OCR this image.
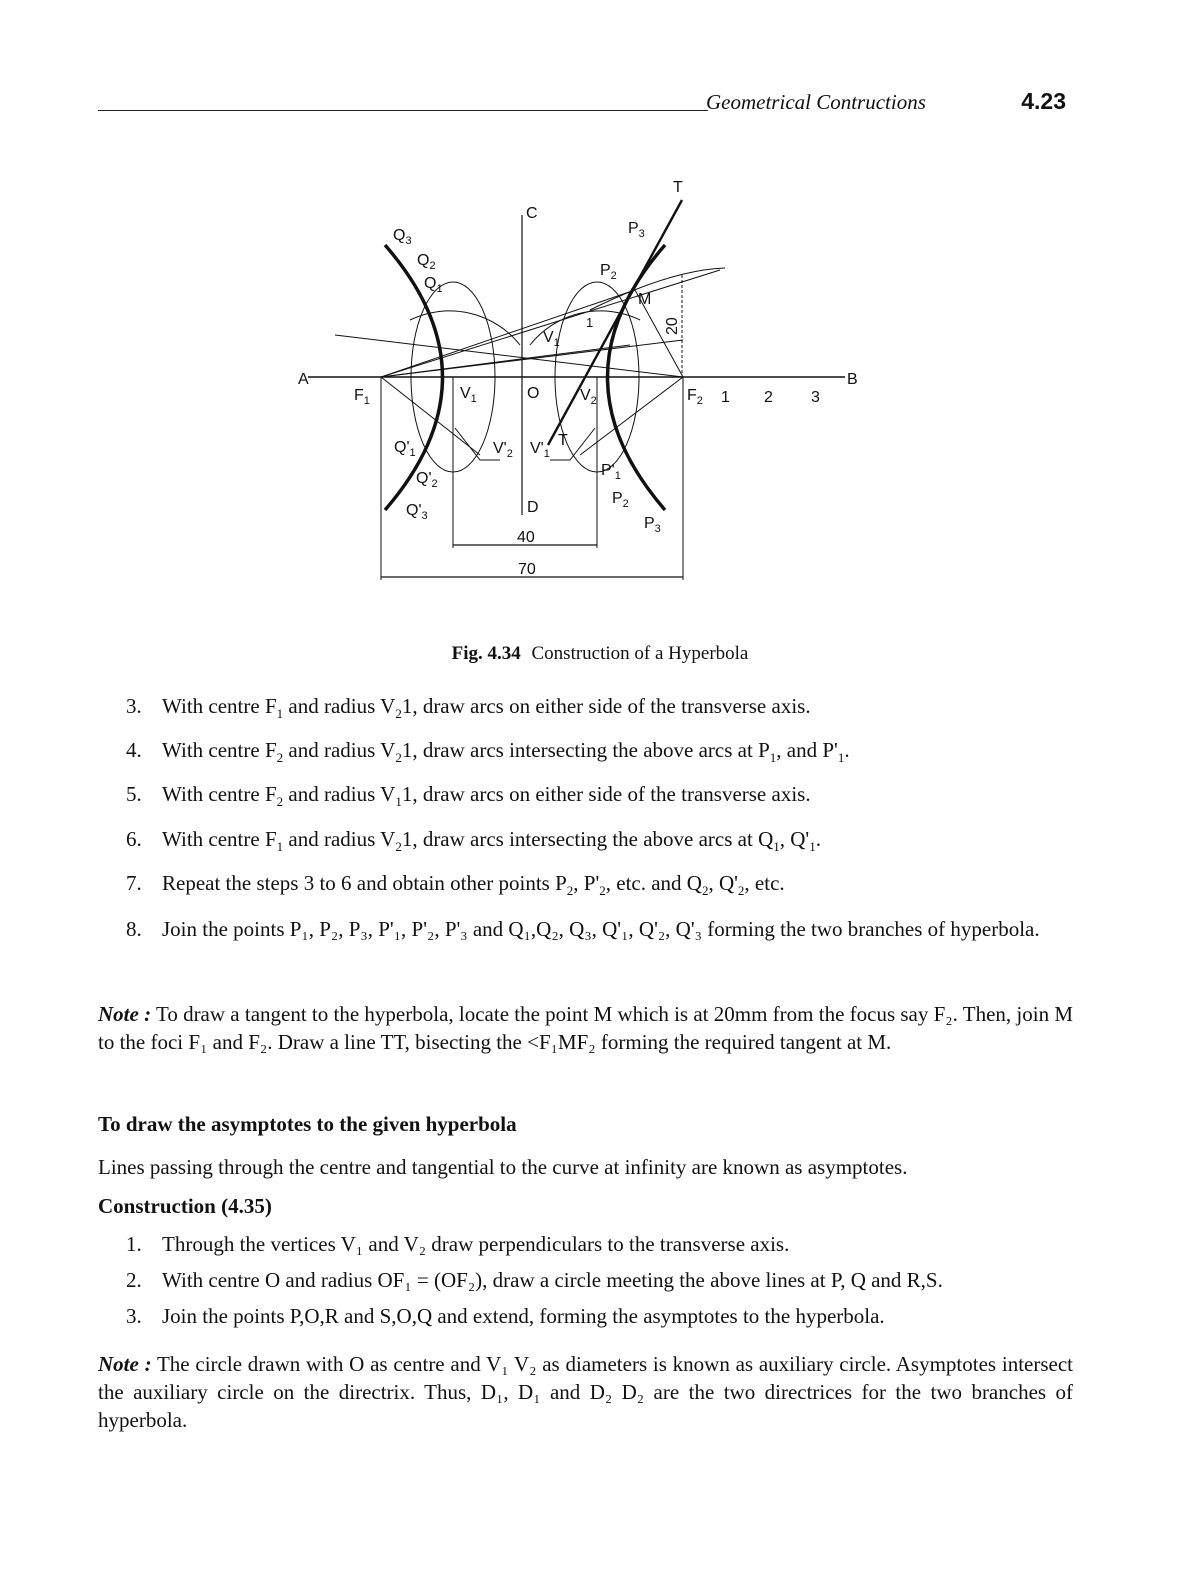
Geometrical Contructions	4.23
T
C
$P_3$
$P_2$
M
$Q_3$
$Q_2$
$Q_1$
20
$V_1$
1
A	B
$F_1$	$V_1$	O	$V_2$	$F_2$ 1 2 3
$Q'_1$
$Q'_2$
$Q'_3$
$V'_2$ $V'_1$
T
$P'_1$
$P_2$
$P_3$
D
40
70
Fig. 4.34 Construction of a Hyperbola
3. With centre $F_1$ and radius $V_21$, draw arcs on either side of the transverse axis.
4. With centre $F_2$ and radius $V_21$, draw arcs intersecting the above arcs at $P_1$, and $P'_1$.
5. With centre $F_2$ and radius $V_11$, draw arcs on either side of the transverse axis.
6. With centre $F_1$ and radius $V_21$, draw arcs intersecting the above arcs at $Q_1$, $Q'_1$.
7. Repeat the steps 3 to 6 and obtain other points $P_2$, $P'_2$, etc. and $Q_2$, $Q'_2$, etc.
8. Join the points P₁, P₂, P₃, P'₁, P'₂, P'₃ and Q₁,Q₂, Q₃, Q'₁, Q'₂, Q'₃ forming the two branches of hyperbola.
Note : To draw a tangent to the hyperbola, locate the point M which is at 20mm from the focus say F₂. Then, join M to the foci F₁ and F₂. Draw a line TT, bisecting the <F₁MF₂ forming the required tangent at M.
To draw the asymptotes to the given hyperbola
Lines passing through the centre and tangential to the curve at infinity are known as asymptotes.
Construction (4.35)
1. Through the vertices V₁ and V₂ draw perpendiculars to the transverse axis.
2. With centre O and radius OF₁ = (OF₂), draw a circle meeting the above lines at P, Q and R,S.
3. Join the points P,O,R and S,O,Q and extend, forming the asymptotes to the hyperbola.
Note : The circle drawn with O as centre and V₁ V₂ as diameters is known as auxiliary circle. Asymptotes intersect the auxiliary circle on the directrix. Thus, D₁, D₁ and D₂ D₂ are the two directrices for the two branches of hyperbola.
